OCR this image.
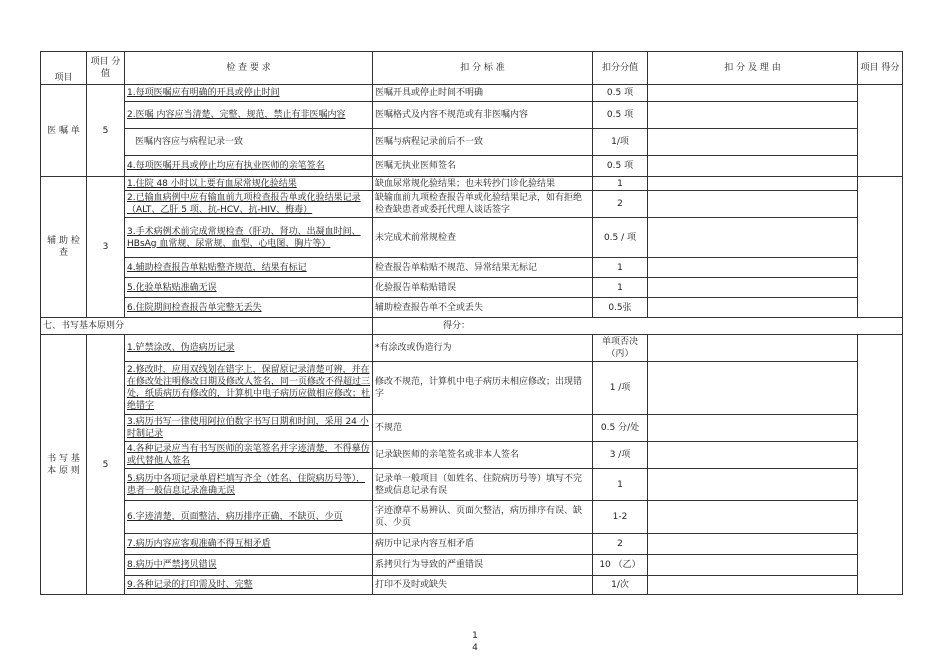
项目	项目 分值	检 查 要 求	扣 分 标 准	扣分分值	扣 分 及 理 由	项目 得分
医 嘱 单	5	1.每项医嘱应有明确的开具或停止时间	医嘱开具或停止时间不明确	0.5 项		
		2.医嘱 内容应当清楚、完整、规范，禁止有非医嘱内容	医嘱格式及内容不规范或有非医嘱内容	0.5 项		
		医嘱内容应与病程记录一致	医嘱与病程记录前后不一致	1/项		
		4.每项医嘱开具或停止均应有执业医师的亲笔签名	医嘱无执业医师签名	0.5 项		
辅 助 检 查	3	1.住院 48 小时以上要有血尿常规化验结果	缺血尿常规化验结果；也未转抄门诊化验结果	1		
		2.已输血病例中应有输血前九项检查报告单或化验结果记录（ALT、乙肝 5 项、抗-HCV、抗-HIV、梅毒）	缺输血前九项检查报告单或化验结果记录，如有拒绝检查缺患者或委托代理人谈话签字	2		
		3.手术病例术前完成常规检查（肝功、肾功、出凝血时间、HBsAg 血常规、尿常规、血型、心电图、胸片等）	未完成术前常规检查	0.5 / 项		
		4.辅助检查报告单粘贴整齐规范，结果有标记	检查报告单粘贴不规范、异常结果无标记	1		
		5.化验单粘贴准确无误	化验报告单粘贴错误	1		
		6.住院期间检查报告单完整无丢失	辅助检查报告单不全或丢失	0.5张		
七、书写基本原则分			得分：			
书 写 基 本 原 则	5	1.铲禁涂改、伪造病历记录	*有涂改或伪造行为	单项否决（丙）		
		2.修改时，应用双线划在错字上，保留原记录清楚可辨，并在在修改处注明修改日期及修改人签名，同一页修改不得超过三处，纸质病历有修改的，计算机中电子病历应做相应修改；杜绝错字	修改不规范，计算机中电子病历未相应修改；出现错字	1 /项		
		3.病历书写一律使用阿拉伯数字书写日期和时间，采用 24 小时制记录	不规范	0.5 分/处		
		4.各种记录应当有书写医师的亲笔签名并字迹清楚，不得摹仿或代替他人签名	记录缺医师的亲笔签名或非本人签名	3 /项		
		5.病历中各项记录单眉栏填写齐全（姓名、住院病历号等），患者一般信息记录准确无误	记录单一般项目（如姓名、住院病历号等）填写不完整或信息记录有误	1		
		6.字迹清楚，页面整洁，病历排序正确，不缺页、少页	字迹潦草不易辨认、页面欠整洁，病历排序有误、缺页、少页	1-2		
		7.病历内容应客观准确不得互相矛盾	病历中记录内容互相矛盾	2		
		8.病历中严禁拷贝错误	系拷贝行为导致的严重错误	10 （乙）		
		9.各种记录的打印需及时、完整	打印不及时或缺失	1/次		
1
4
